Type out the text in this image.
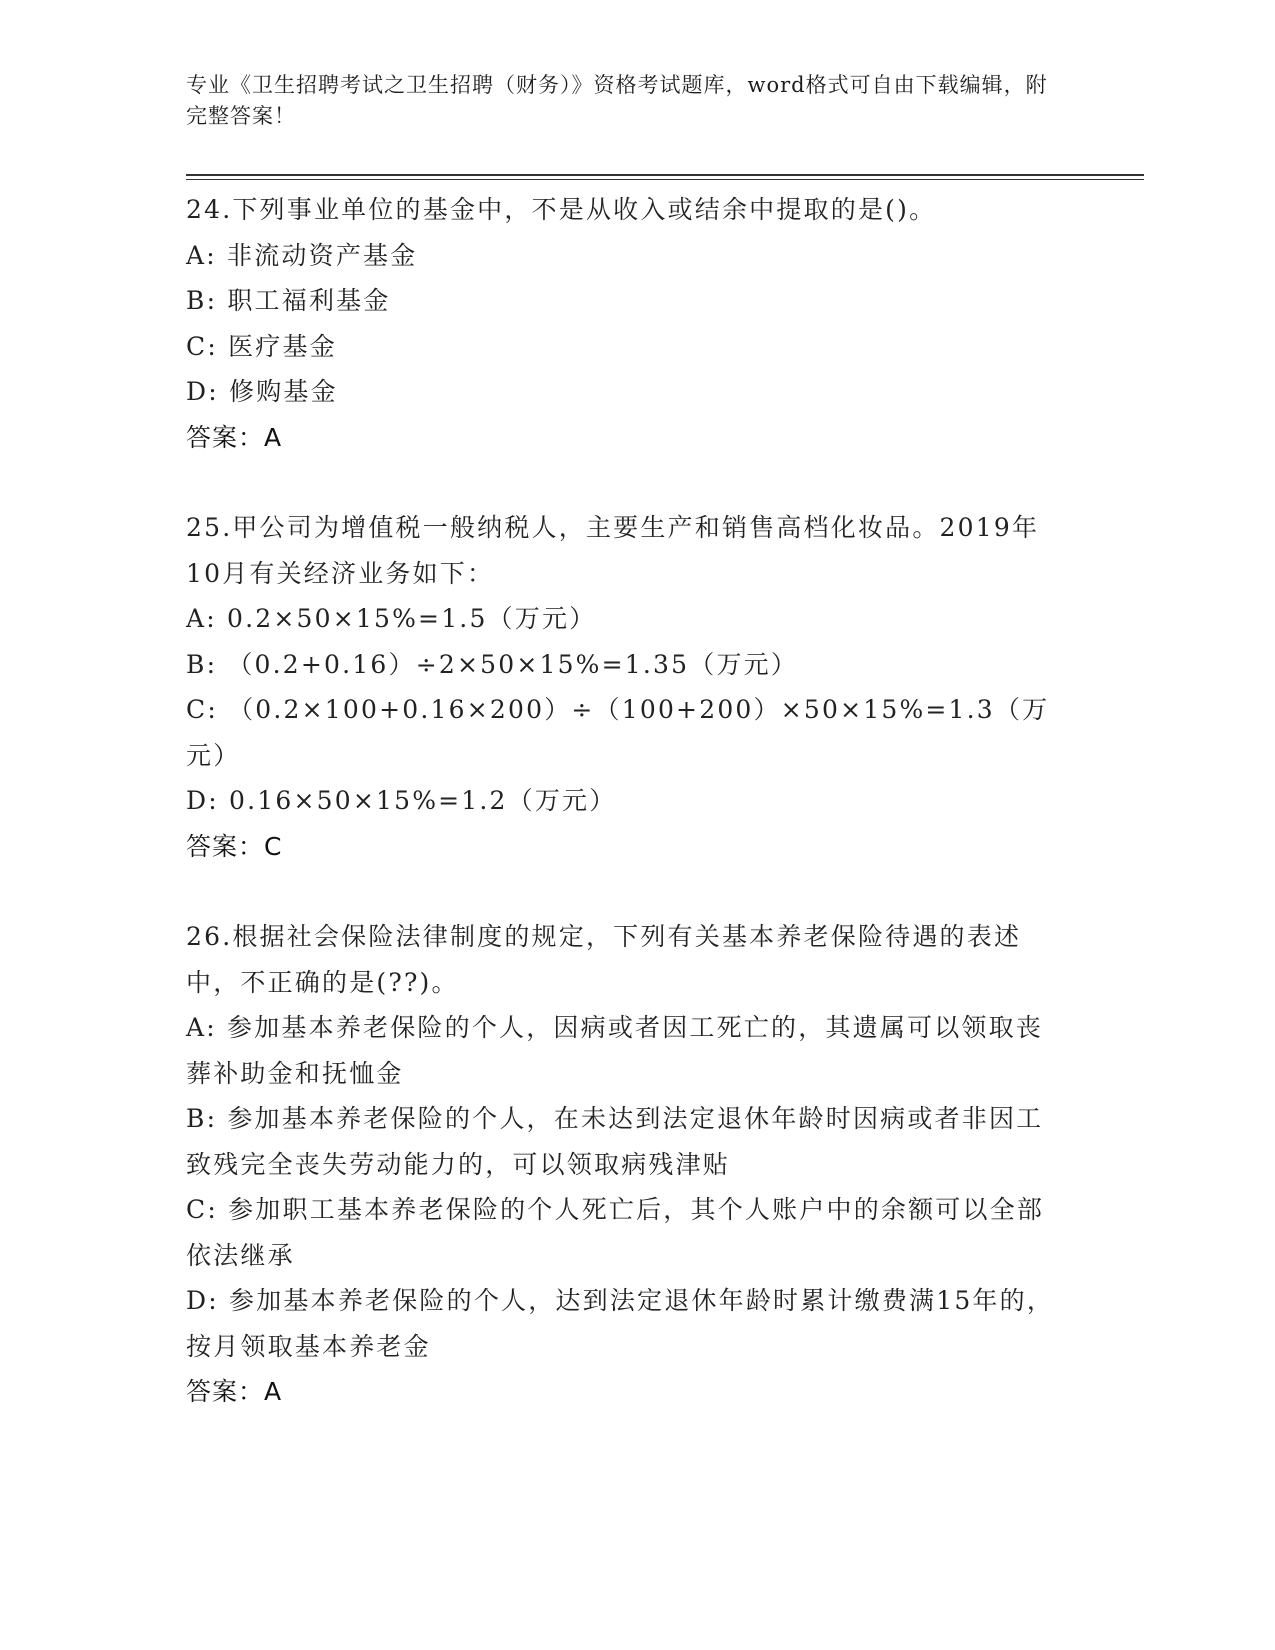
专业《卫生招聘考试之卫生招聘（财务）》资格考试题库，word格式可自由下载编辑，附完整答案！
24.下列事业单位的基金中，不是从收入或结余中提取的是()。
A: 非流动资产基金
B: 职工福利基金
C: 医疗基金
D: 修购基金
答案：A
25.甲公司为增值税一般纳税人，主要生产和销售高档化妆品。2019年10月有关经济业务如下：
A: 0.2×50×15%=1.5（万元）
B: （0.2+0.16）÷2×50×15%=1.35（万元）
C: （0.2×100+0.16×200）÷（100+200）×50×15%=1.3（万元）
D: 0.16×50×15%=1.2（万元）
答案：C
26.根据社会保险法律制度的规定，下列有关基本养老保险待遇的表述中，不正确的是(??)。
A: 参加基本养老保险的个人，因病或者因工死亡的，其遗属可以领取丧葬补助金和抚恤金
B: 参加基本养老保险的个人，在未达到法定退休年龄时因病或者非因工致残完全丧失劳动能力的，可以领取病残津贴
C: 参加职工基本养老保险的个人死亡后，其个人账户中的余额可以全部依法继承
D: 参加基本养老保险的个人，达到法定退休年龄时累计缴费满15年的，按月领取基本养老金
答案：A
